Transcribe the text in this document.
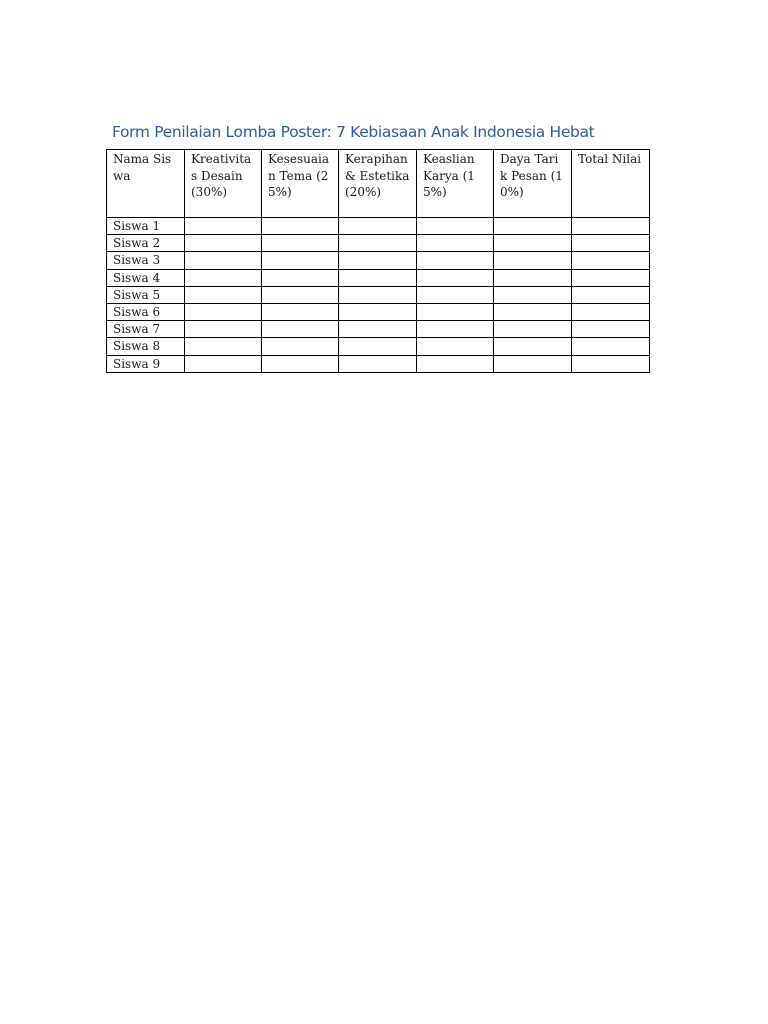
Form Penilaian Lomba Poster: 7 Kebiasaan Anak Indonesia Hebat
Nama Siswa	Kreativitas Desain (30%)	Kesesuaian Tema (25%)	Kerapihan & Estetika (20%)	Keaslian Karya (15%)	Daya Tarik Pesan (10%)	Total Nilai
Siswa 1						
Siswa 2						
Siswa 3						
Siswa 4						
Siswa 5						
Siswa 6						
Siswa 7						
Siswa 8						
Siswa 9						
